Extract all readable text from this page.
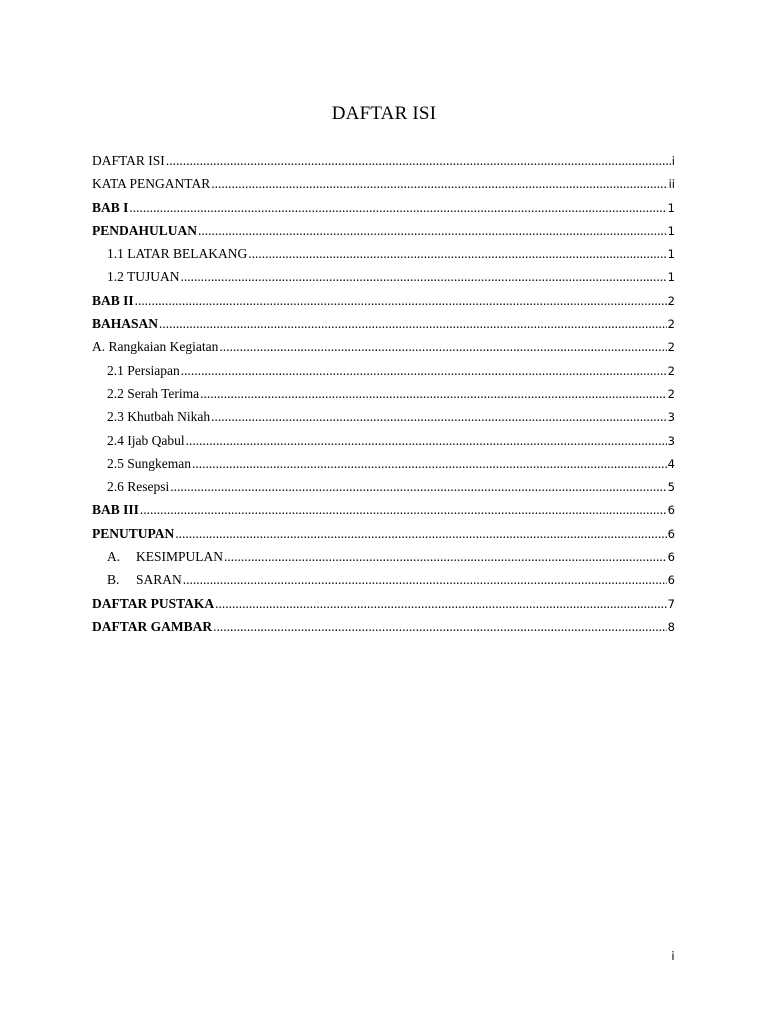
DAFTAR ISI
DAFTAR ISI .....	i
KATA PENGANTAR .....	ii
BAB I .....	1
PENDAHULUAN .....	1
1.1 LATAR BELAKANG .....	1
1.2 TUJUAN .....	1
BAB II .....	2
BAHASAN .....	2
A. Rangkaian Kegiatan .....	2
2.1 Persiapan .....	2
2.2 Serah Terima .....	2
2.3 Khutbah Nikah .....	3
2.4 Ijab Qabul .....	3
2.5 Sungkeman .....	4
2.6 Resepsi .....	5
BAB III .....	6
PENUTUPAN .....	6
A.	KESIMPULAN .....	6
B.	SARAN .....	6
DAFTAR PUSTAKA .....	7
DAFTAR GAMBAR .....	8
i
